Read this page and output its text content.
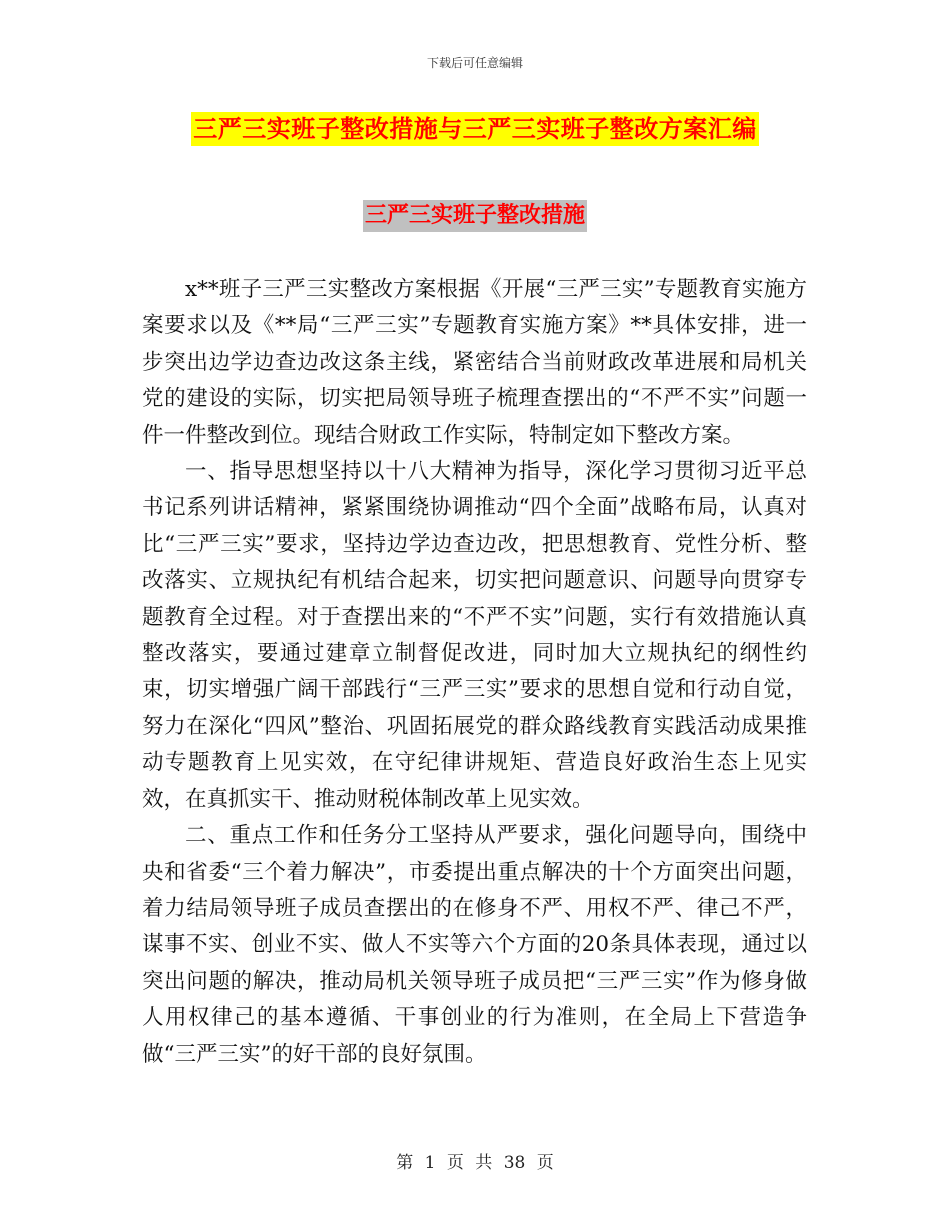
下载后可任意编辑
三严三实班子整改措施与三严三实班子整改方案汇编
三严三实班子整改措施

x**班子三严三实整改方案根据《开展“三严三实”专题教育实施方案要求以及《**局“三严三实”专题教育实施方案》**具体安排，进一步突出边学边查边改这条主线，紧密结合当前财政改革进展和局机关党的建设的实际，切实把局领导班子梳理查摆出的“不严不实”问题一件一件整改到位。现结合财政工作实际，特制定如下整改方案。

一、指导思想坚持以十八大精神为指导，深化学习贯彻习近平总书记系列讲话精神，紧紧围绕协调推动“四个全面”战略布局，认真对比“三严三实”要求，坚持边学边查边改，把思想教育、党性分析、整改落实、立规执纪有机结合起来，切实把问题意识、问题导向贯穿专题教育全过程。对于查摆出来的“不严不实”问题，实行有效措施认真整改落实，要通过建章立制督促改进，同时加大立规执纪的纲性约束，切实增强广阔干部践行“三严三实”要求的思想自觉和行动自觉，努力在深化“四风”整治、巩固拓展党的群众路线教育实践活动成果推动专题教育上见实效，在守纪律讲规矩、营造良好政治生态上见实效，在真抓实干、推动财税体制改革上见实效。

二、重点工作和任务分工坚持从严要求，强化问题导向，围绕中央和省委“三个着力解决”，市委提出重点解决的十个方面突出问题，着力结局领导班子成员查摆出的在修身不严、用权不严、律己不严，谋事不实、创业不实、做人不实等六个方面的20条具体表现，通过以突出问题的解决，推动局机关领导班子成员把“三严三实”作为修身做人用权律己的基本遵循、干事创业的行为准则，在全局上下营造争做“三严三实”的好干部的良好氛围。

第 1 页 共 38 页
